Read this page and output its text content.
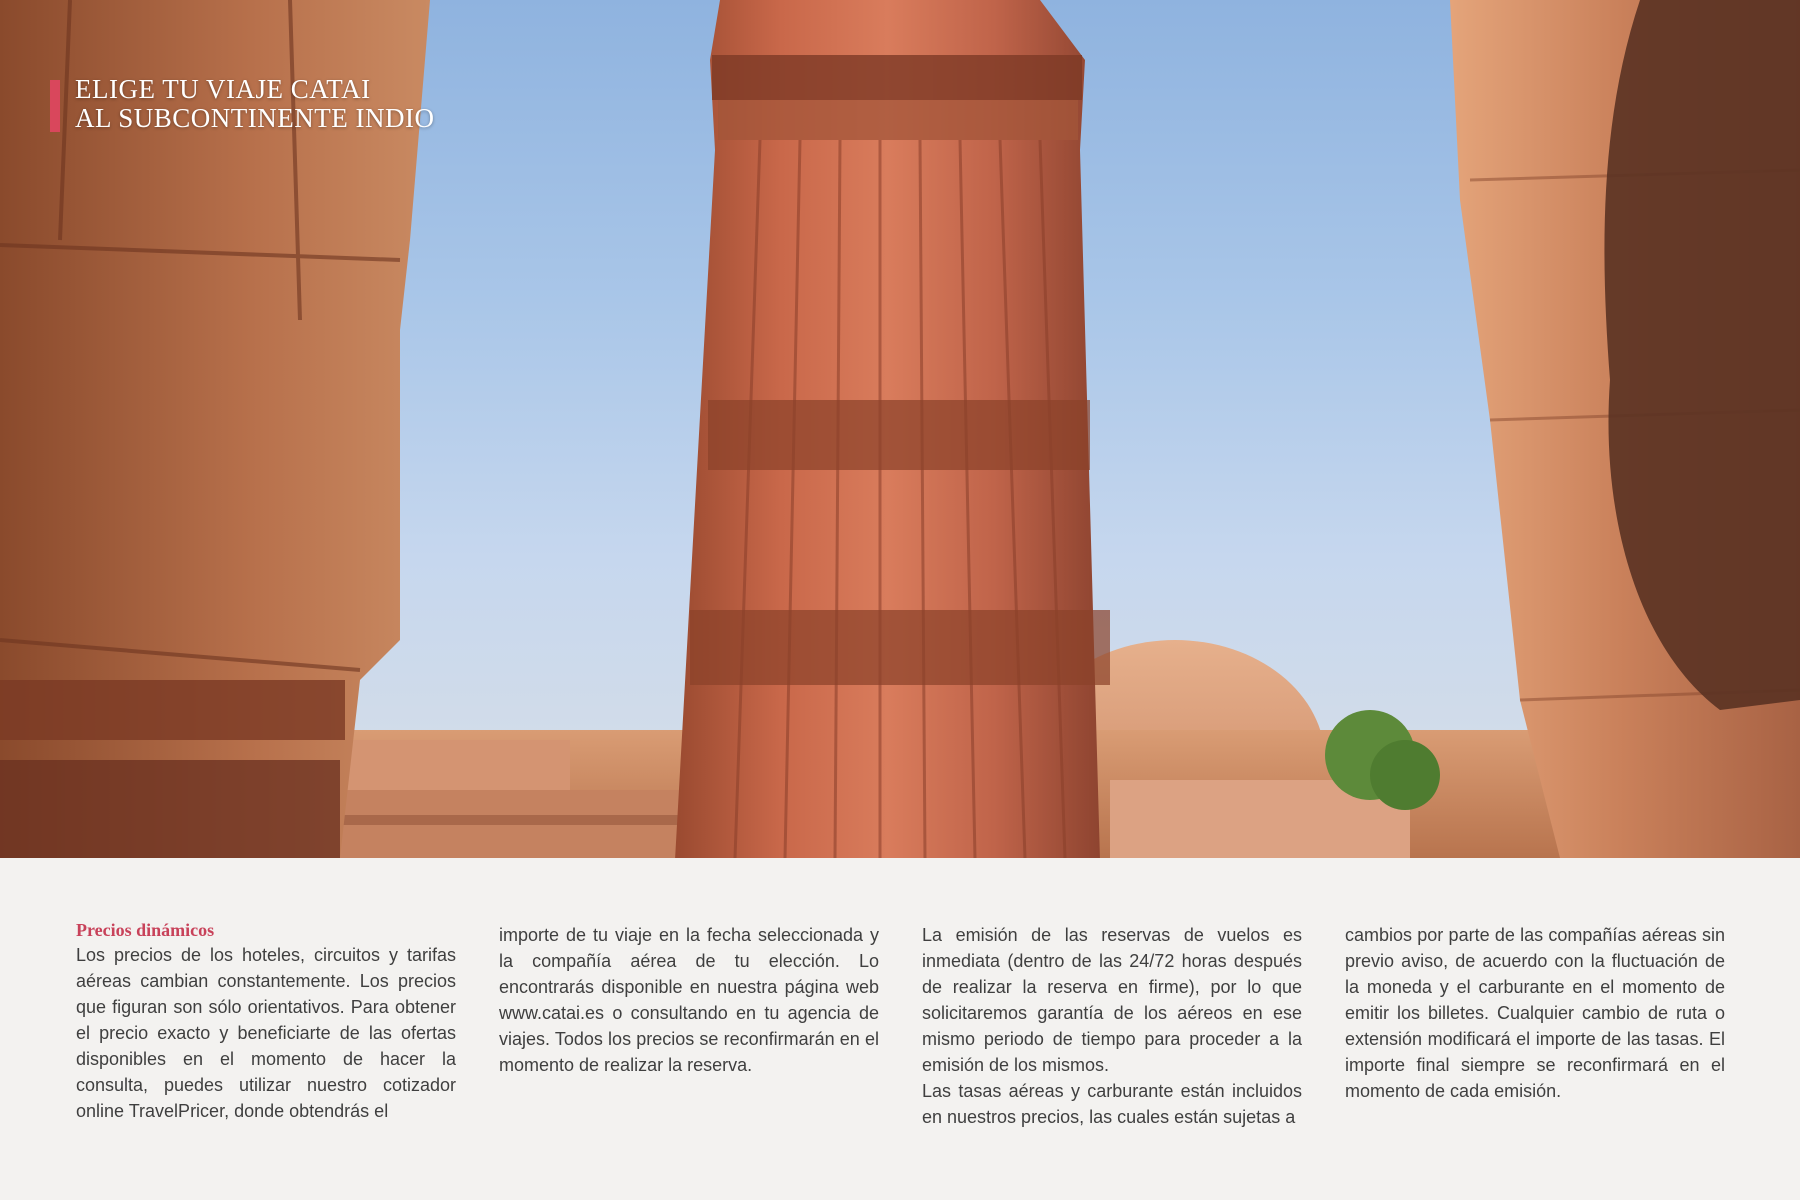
ELIGE TU VIAJE CATAI
AL SUBCONTINENTE INDIO
Precios dinámicos

Los precios de los hoteles, circuitos y tarifas aéreas cambian constantemente. Los precios que figuran son sólo orientativos. Para obtener el precio exacto y beneficiarte de las ofertas disponibles en el momento de hacer la consulta, puedes utilizar nuestro cotizador online TravelPricer, donde obtendrás el

importe de tu viaje en la fecha seleccionada y la compañía aérea de tu elección. Lo encontrarás disponible en nuestra página web www.catai.es o consultando en tu agencia de viajes. Todos los precios se reconfirmarán en el momento de realizar la reserva.

La emisión de las reservas de vuelos es inmediata (dentro de las 24/72 horas después de realizar la reserva en firme), por lo que solicitaremos garantía de los aéreos en ese mismo periodo de tiempo para proceder a la emisión de los mismos.

Las tasas aéreas y carburante están incluidos en nuestros precios, las cuales están sujetas a

cambios por parte de las compañías aéreas sin previo aviso, de acuerdo con la fluctuación de la moneda y el carburante en el momento de emitir los billetes. Cualquier cambio de ruta o extensión modificará el importe de las tasas. El importe final siempre se reconfirmará en el momento de cada emisión.
